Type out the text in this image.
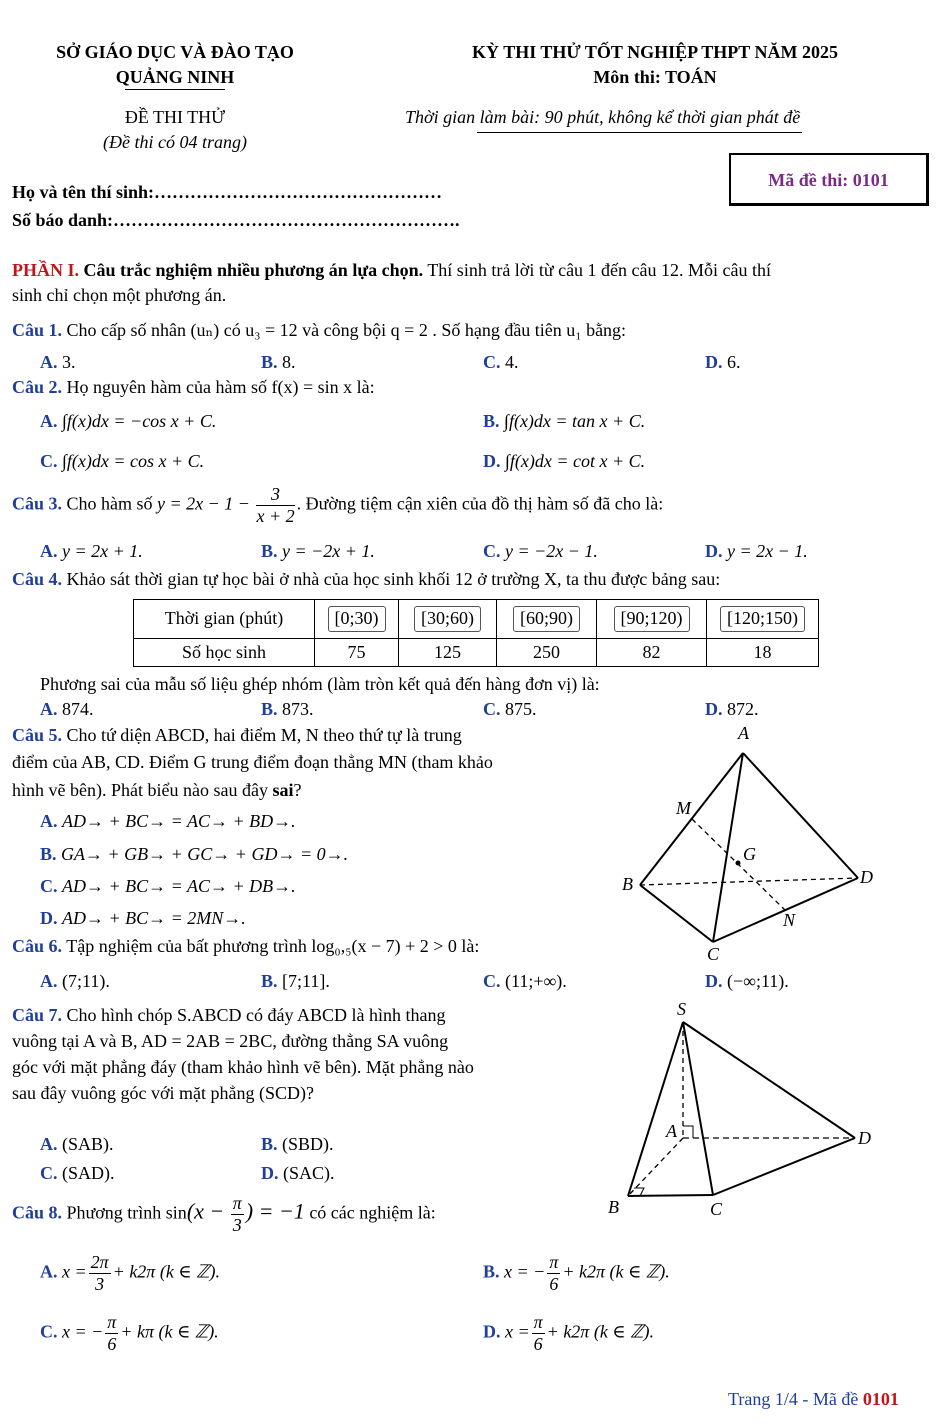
SỞ GIÁO DỤC VÀ ĐÀO TẠO
QUẢNG NINH
ĐỀ THI THỬ
(Đề thi có 04 trang)
KỲ THI THỬ TỐT NGHIỆP THPT NĂM 2025
Môn thi: TOÁN
Thời gian làm bài: 90 phút, không kể thời gian phát đề
Họ và tên thí sinh:…………………………………………
Số báo danh:………………………………………………….
Mã đề thi: 0101
PHẦN I. Câu trắc nghiệm nhiều phương án lựa chọn. Thí sinh trả lời từ câu 1 đến câu 12. Mỗi câu thí
sinh chỉ chọn một phương án.
Câu 1. Cho cấp số nhân (uₙ) có u₃ = 12 và công bội q = 2 . Số hạng đầu tiên u₁ bằng:
A. 3.	B. 8.	C. 4.	D. 6.
Câu 2. Họ nguyên hàm của hàm số f(x) = sin x là:
A. ∫f(x)dx = −cos x + C.	B. ∫f(x)dx = tan x + C.
C. ∫f(x)dx = cos x + C.	D. ∫f(x)dx = cot x + C.
Câu 3. Cho hàm số $y = 2x - 1 - \frac{3}{x + 2}$ . Đường tiệm cận xiên của đồ thị hàm số đã cho là:
A. y = 2x + 1.	B. y = −2x + 1.	C. y = −2x − 1.	D. y = 2x − 1.
Câu 4. Khảo sát thời gian tự học bài ở nhà của học sinh khối 12 ở trường X, ta thu được bảng sau:
Thời gian (phút)	[0;30)	[30;60)	[60;90)	[90;120)	[120;150)
Số học sinh	75	125	250	82	18
Phương sai của mẫu số liệu ghép nhóm (làm tròn kết quả đến hàng đơn vị) là:
A. 874.	B. 873.	C. 875.	D. 872.
Câu 5. Cho tứ diện ABCD, hai điểm M, N theo thứ tự là trung
điểm của AB, CD. Điểm G trung điểm đoạn thẳng MN (tham khảo
hình vẽ bên). Phát biểu nào sau đây sai?
A. AD→ + BC→ = AC→ + BD→.
B. GA→ + GB→ + GC→ + GD→ = 0→.
C. AD→ + BC→ = AC→ + DB→.
D. AD→ + BC→ = 2MN→.
A
M
G
B	D
N
C
Câu 6. Tập nghiệm của bất phương trình log₀,₅(x − 7) + 2 > 0 là:
A. (7;11).	B. [7;11].	C. (11;+∞).	D. (−∞;11).
Câu 7. Cho hình chóp S.ABCD có đáy ABCD là hình thang
vuông tại A và B, AD = 2AB = 2BC, đường thẳng SA vuông
góc với mặt phẳng đáy (tham khảo hình vẽ bên). Mặt phẳng nào
sau đây vuông góc với mặt phẳng (SCD)?
A. (SAB).	B. (SBD).
C. (SAD).	D. (SAC).
S
A	D
B	C
Câu 8. Phương trình $\sin(x - \frac{\pi}{3}$ ) = −1 có các nghiệm là:
A. $x = \frac{2\pi}{3} + k2\pi$ (k ∈ ℤ).	B. x = − $\frac{\pi}{6} + k2\pi$ (k ∈ ℤ).
C. x = − $\frac{\pi}{6} + k\pi$ (k ∈ ℤ).	D. $x = \frac{\pi}{6} + k2\pi$ (k ∈ ℤ).
Trang 1/4 - Mã đề 0101
